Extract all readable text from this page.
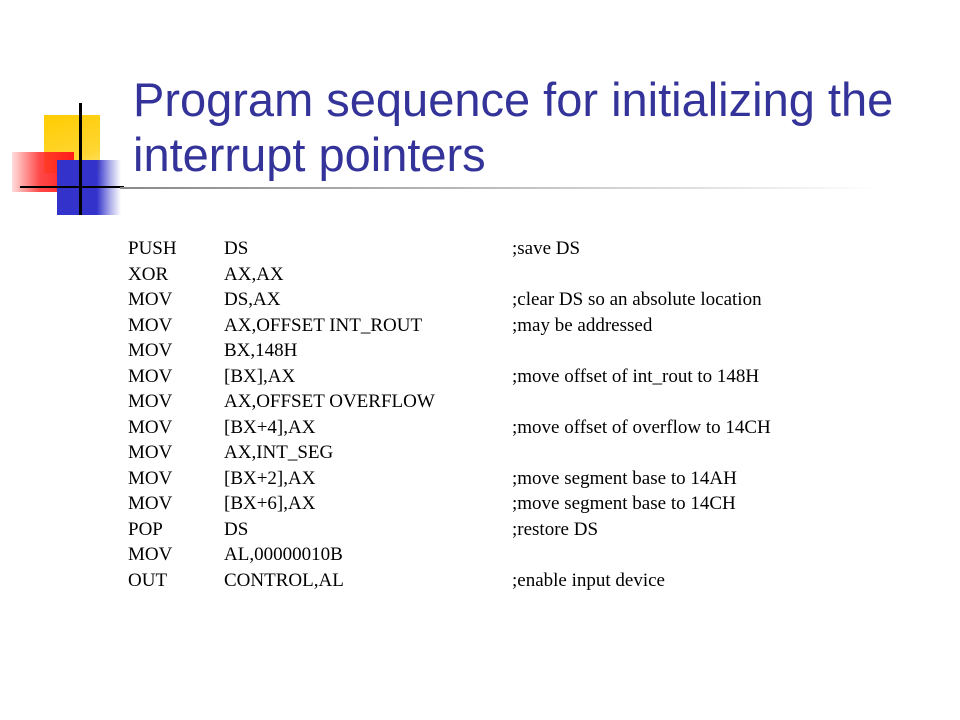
Program sequence for initializing the
interrupt pointers
PUSH	DS	;save DS
XOR	AX,AX
MOV	DS,AX	;clear DS so an absolute location
MOV	AX,OFFSET INT_ROUT	;may be addressed
MOV	BX,148H
MOV	[BX],AX	;move offset of int_rout to 148H
MOV	AX,OFFSET OVERFLOW
MOV	[BX+4],AX	;move offset of overflow to 14CH
MOV	AX,INT_SEG
MOV	[BX+2],AX	;move segment base to 14AH
MOV	[BX+6],AX	;move segment base to 14CH
POP	DS	;restore DS
MOV	AL,00000010B
OUT	CONTROL,AL	;enable input device
